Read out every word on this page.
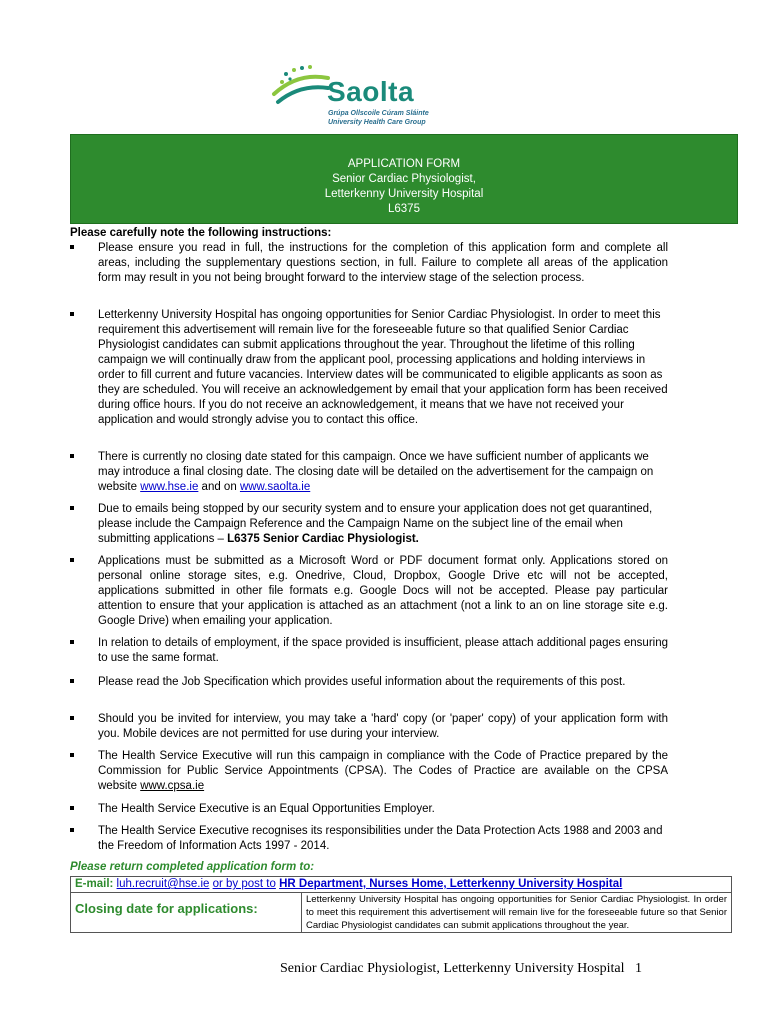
Saolta
Grúpa Ollscoile Cúram Sláinte
University Health Care Group
APPLICATION FORM
Senior Cardiac Physiologist,
Letterkenny University Hospital
L6375
Please carefully note the following instructions:
Please ensure you read in full, the instructions for the completion of this application form and complete all areas, including the supplementary questions section, in full. Failure to complete all areas of the application form may result in you not being brought forward to the interview stage of the selection process.
Letterkenny University Hospital has ongoing opportunities for Senior Cardiac Physiologist. In order to meet this requirement this advertisement will remain live for the foreseeable future so that qualified Senior Cardiac Physiologist candidates can submit applications throughout the year. Throughout the lifetime of this rolling campaign we will continually draw from the applicant pool, processing applications and holding interviews in order to fill current and future vacancies. Interview dates will be communicated to eligible applicants as soon as they are scheduled. You will receive an acknowledgement by email that your application form has been received during office hours. If you do not receive an acknowledgement, it means that we have not received your application and would strongly advise you to contact this office.
There is currently no closing date stated for this campaign. Once we have sufficient number of applicants we may introduce a final closing date. The closing date will be detailed on the advertisement for the campaign on website www.hse.ie and on www.saolta.ie
Due to emails being stopped by our security system and to ensure your application does not get quarantined, please include the Campaign Reference and the Campaign Name on the subject line of the email when submitting applications – L6375 Senior Cardiac Physiologist.
Applications must be submitted as a Microsoft Word or PDF document format only. Applications stored on personal online storage sites, e.g. Onedrive, Cloud, Dropbox, Google Drive etc will not be accepted, applications submitted in other file formats e.g. Google Docs will not be accepted. Please pay particular attention to ensure that your application is attached as an attachment (not a link to an on line storage site e.g. Google Drive) when emailing your application.
In relation to details of employment, if the space provided is insufficient, please attach additional pages ensuring to use the same format.
Please read the Job Specification which provides useful information about the requirements of this post.
Should you be invited for interview, you may take a 'hard' copy (or 'paper' copy) of your application form with you. Mobile devices are not permitted for use during your interview.
The Health Service Executive will run this campaign in compliance with the Code of Practice prepared by the Commission for Public Service Appointments (CPSA). The Codes of Practice are available on the CPSA website www.cpsa.ie
The Health Service Executive is an Equal Opportunities Employer.
The Health Service Executive recognises its responsibilities under the Data Protection Acts 1988 and 2003 and the Freedom of Information Acts 1997 - 2014.
Please return completed application form to:
E-mail: luh.recruit@hse.ie or by post to HR Department, Nurses Home, Letterkenny University Hospital
Closing date for applications:	Letterkenny University Hospital has ongoing opportunities for Senior Cardiac Physiologist. In order to meet this requirement this advertisement will remain live for the foreseeable future so that Senior Cardiac Physiologist candidates can submit applications throughout the year.
Senior Cardiac Physiologist, Letterkenny University Hospital 1
